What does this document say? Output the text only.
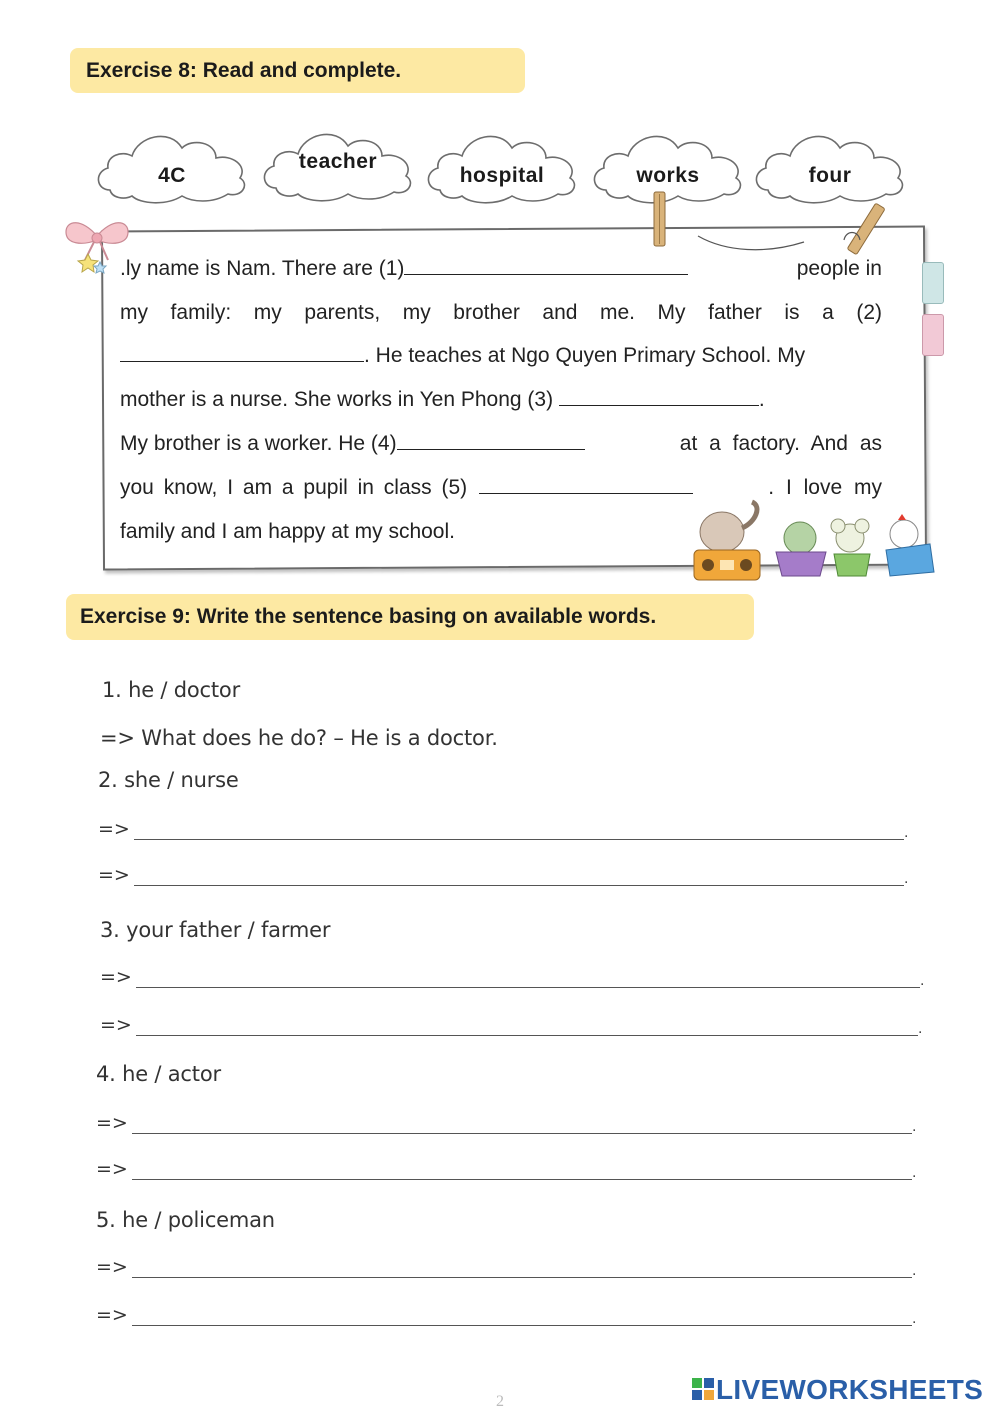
Exercise 8: Read and complete.
4C
teacher
hospital	works	four
.ly name is Nam. There are (1)	people in
my family: my parents, my brother and me. My father is a (2)
. He teaches at Ngo Quyen Primary School. My
mother is a nurse. She works in Yen Phong (3)	.
My brother is a worker. He (4)	at a factory. And as
you know, I am a pupil in class (5)	. I love my
family and I am happy at my school.
Exercise 9: Write the sentence basing on available words.
1. he / doctor
=> What does he do? – He is a doctor.
2. she / nurse
=>	.
=>	.
3. your father / farmer
=>	.
=>	.
4. he / actor
=>	.
=>	.
5. he / policeman
=>	.
=>	.
2	LIVEWORKSHEETS
